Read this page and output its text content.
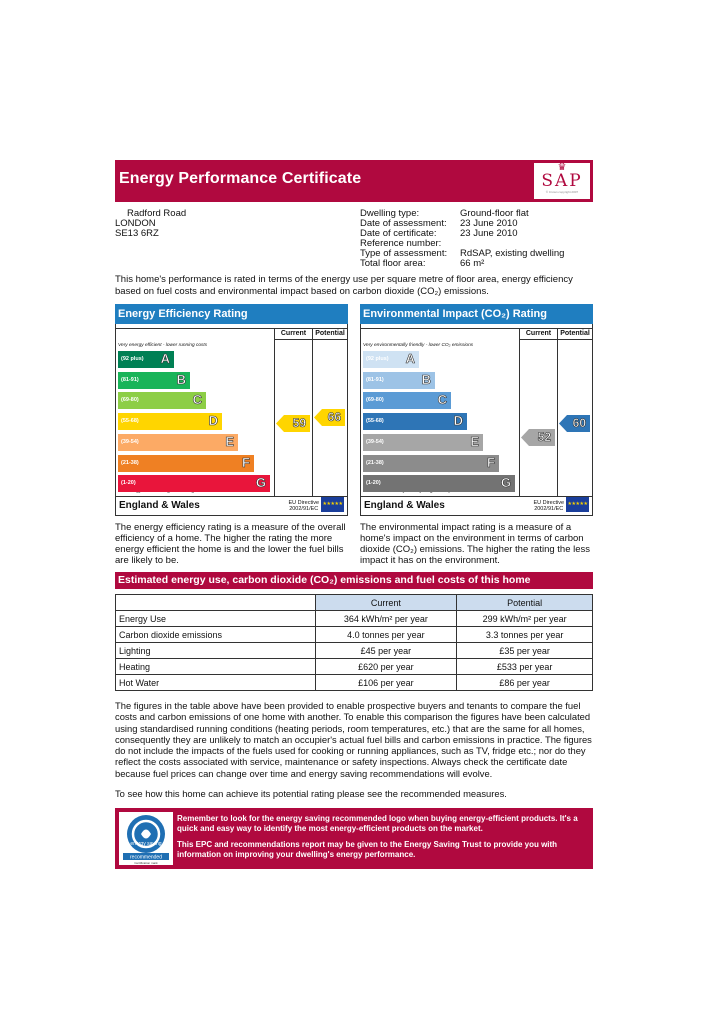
Energy Performance Certificate
♛
SAP
© Crown copyright 2007
Radford Road
LONDON
SE13 6RZ
Dwelling type:	Ground-floor flat
Date of assessment:	23 June 2010
Date of certificate:	23 June 2010
Reference number:
Type of assessment:	RdSAP, existing dwelling
Total floor area:	66 m²
This home's performance is rated in terms of the energy use per square metre of floor area, energy efficiency based on fuel costs and environmental impact based on carbon dioxide (CO₂) emissions.
Energy Efficiency Rating
Current	Potential
Very energy efficient - lower running costs
(92 plus) A
(81-91)	B
(69-80)	C
(55-68)	D
(39-54)	E
(21-38)	F
(1-20)	G
59 66
England & Wales	EU Directive
2002/91/EC
★★★★★
Environmental Impact (CO₂) Rating
Current	Potential
Very environmentally friendly - lower CO₂ emissions
(92 plus) A
(81-91)	B
(69-80)	C
(55-68)	D
(39-54)	E
(21-38)	F
(1-20)	G
52
60
England & Wales	EU Directive
2002/91/EC
★★★★★
The energy efficiency rating is a measure of the overall efficiency of a home. The higher the rating the more energy efficient the home is and the lower the fuel bills are likely to be.
The environmental impact rating is a measure of a home's impact on the environment in terms of carbon dioxide (CO₂) emissions. The higher the rating the less impact it has on the environment.
Estimated energy use, carbon dioxide (CO₂) emissions and fuel costs of this home
	Current	Potential
Energy Use	364 kWh/m² per year	299 kWh/m² per year
Carbon dioxide emissions	4.0 tonnes per year	3.3 tonnes per year
Lighting	£45 per year	£35 per year
Heating	£620 per year	£533 per year
Hot Water	£106 per year	£86 per year
The figures in the table above have been provided to enable prospective buyers and tenants to compare the fuel costs and carbon emissions of one home with another. To enable this comparison the figures have been calculated using standardised running conditions (heating periods, room temperatures, etc.) that are the same for all homes, consequently they are unlikely to match an occupier's actual fuel bills and carbon emissions in practice. The figures do not include the impacts of the fuels used for cooking or running appliances, such as TV, fridge etc.; nor do they reflect the costs associated with service, maintenance or safety inspections. Always check the certificate date because fuel prices can change over time and energy saving recommendations will evolve.
To see how this home can achieve its potential rating please see the recommended measures.
energy saving
recommended
Certification mark
Remember to look for the energy saving recommended logo when buying energy-efficient products. It's a quick and easy way to identify the most energy-efficient products on the market.
This EPC and recommendations report may be given to the Energy Saving Trust to provide you with information on improving your dwelling's energy performance.
